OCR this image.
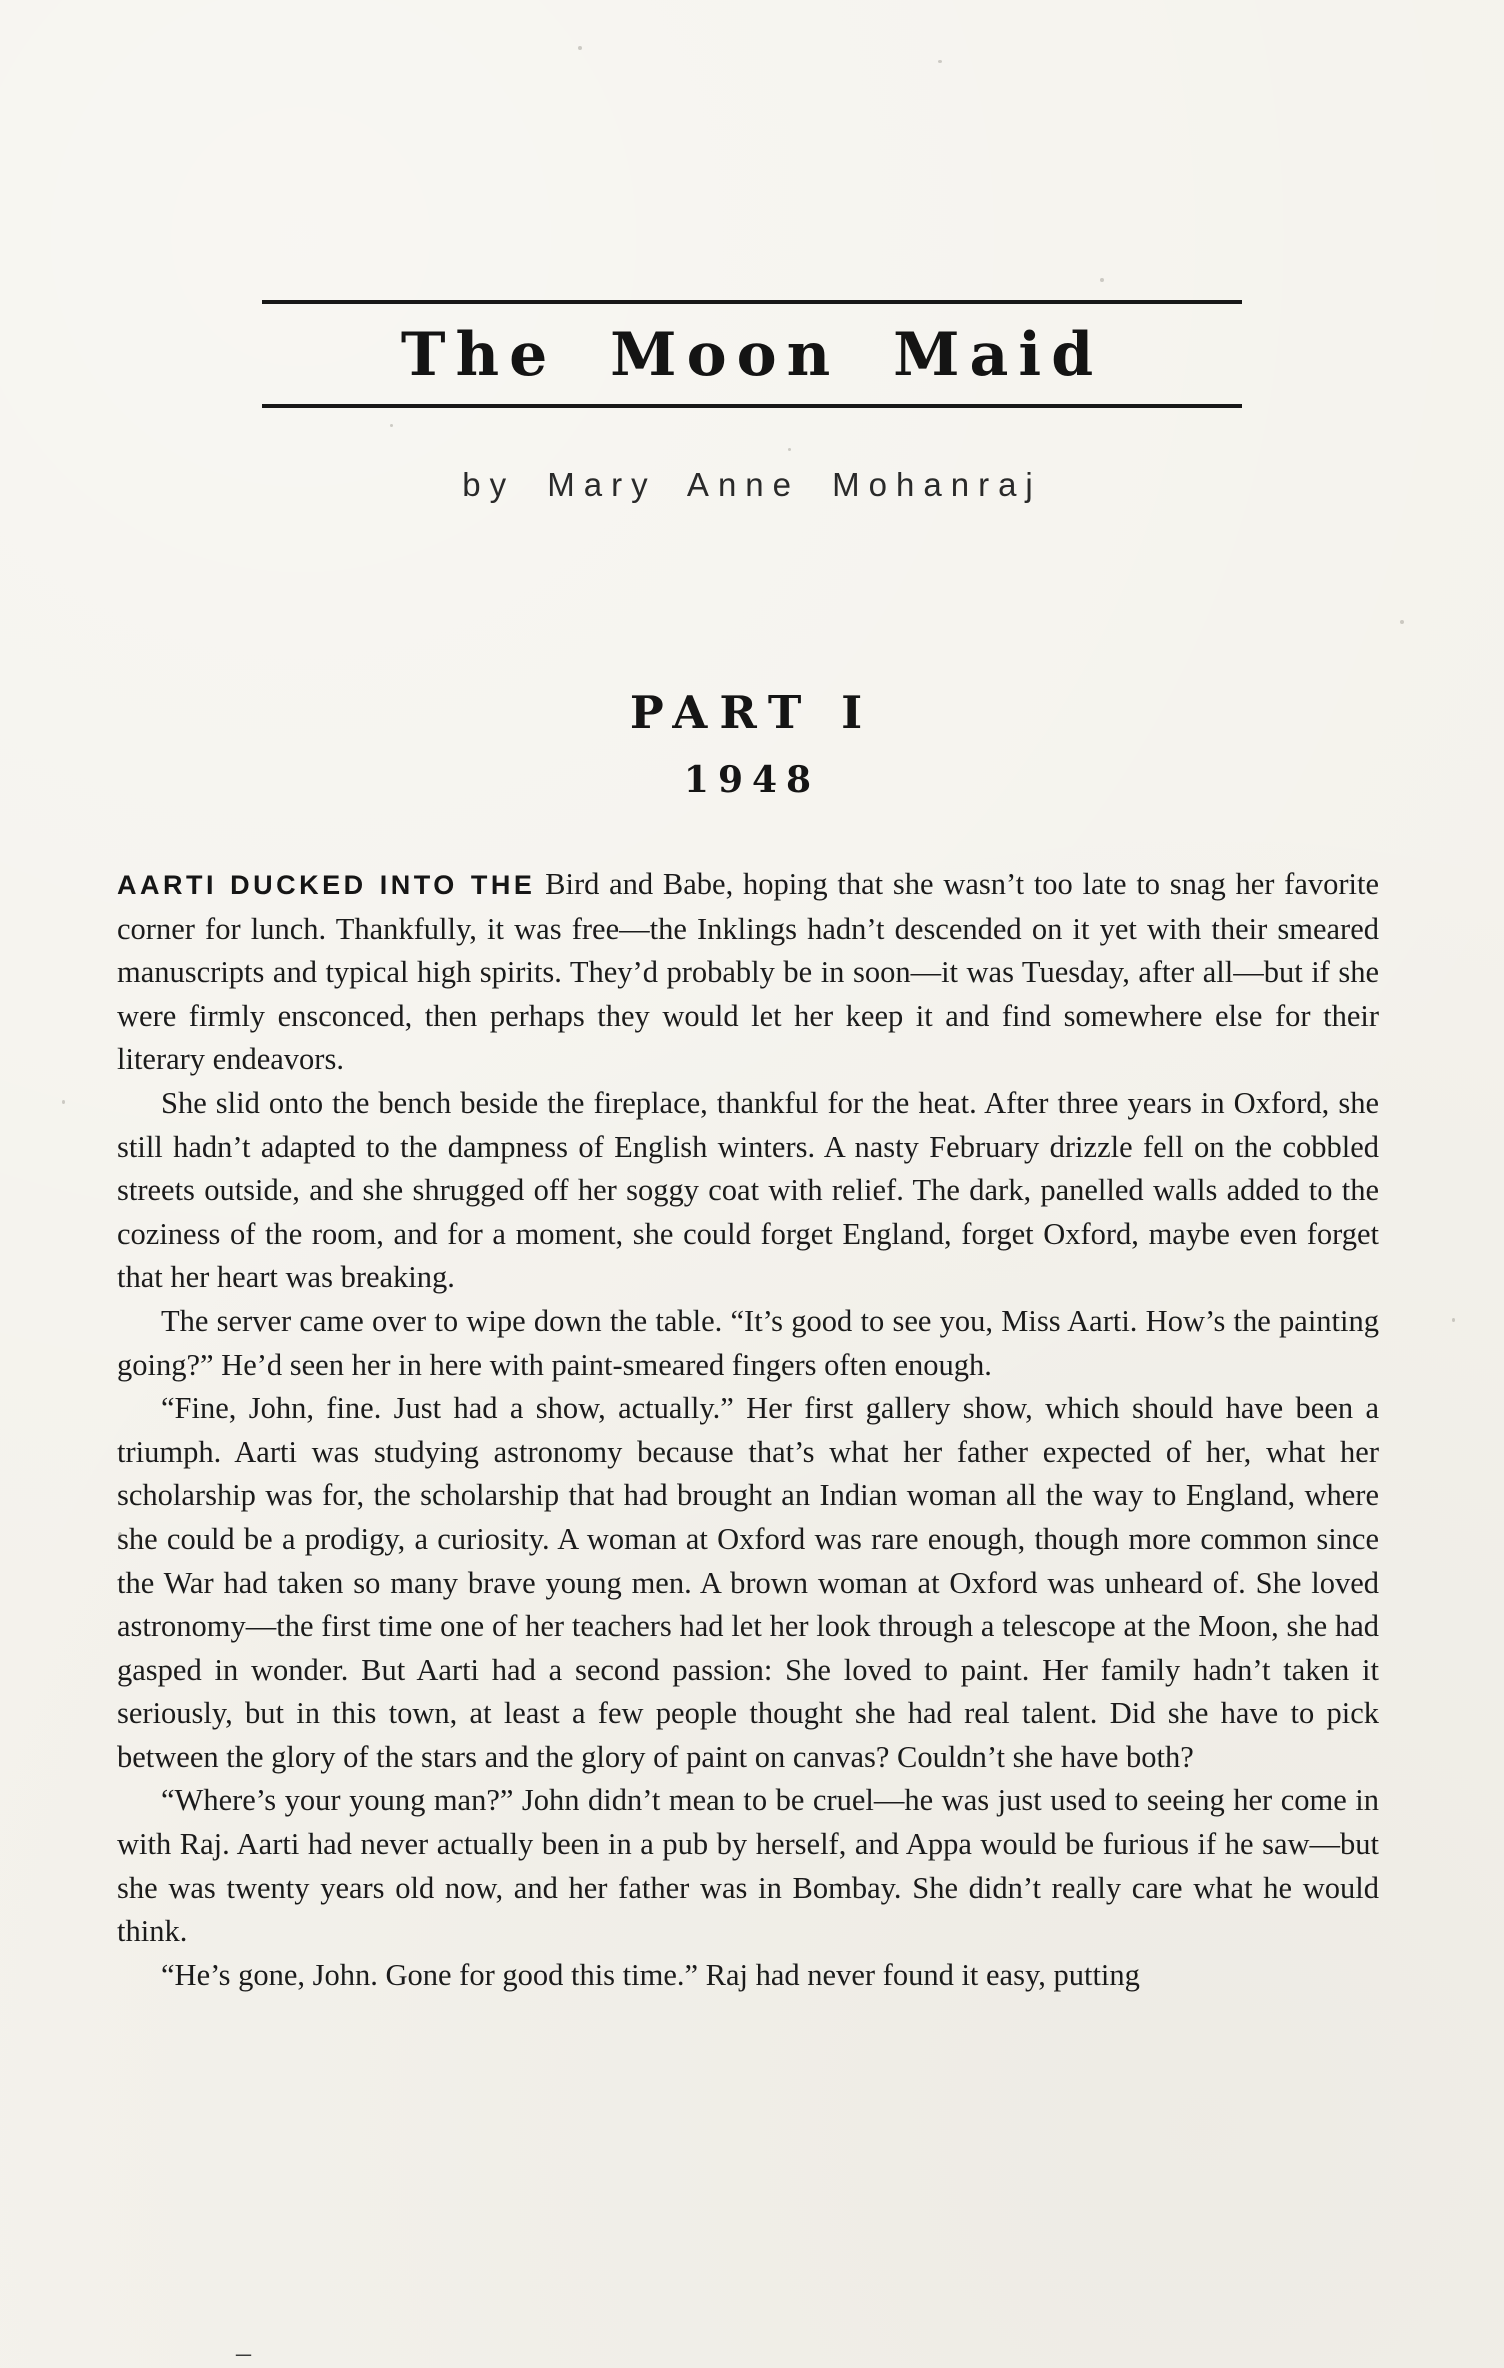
The Moon Maid
by Mary Anne Mohanraj
PART I
1948

AARTI DUCKED INTO THE Bird and Babe, hoping that she wasn’t too late to snag her favorite corner for lunch. Thankfully, it was free—the Inklings hadn’t descended on it yet with their smeared manuscripts and typical high spirits. They’d probably be in soon—it was Tuesday, after all—but if she were firmly ensconced, then perhaps they would let her keep it and find somewhere else for their literary endeavors.

She slid onto the bench beside the fireplace, thankful for the heat. After three years in Oxford, she still hadn’t adapted to the dampness of English winters. A nasty February drizzle fell on the cobbled streets outside, and she shrugged off her soggy coat with relief. The dark, panelled walls added to the coziness of the room, and for a moment, she could forget England, forget Oxford, maybe even forget that her heart was breaking.

The server came over to wipe down the table. “It’s good to see you, Miss Aarti. How’s the painting going?” He’d seen her in here with paint-smeared fingers often enough.

“Fine, John, fine. Just had a show, actually.” Her first gallery show, which should have been a triumph. Aarti was studying astronomy because that’s what her father expected of her, what her scholarship was for, the scholarship that had brought an Indian woman all the way to England, where she could be a prodigy, a curiosity. A woman at Oxford was rare enough, though more common since the War had taken so many brave young men. A brown woman at Oxford was unheard of. She loved astronomy—the first time one of her teachers had let her look through a telescope at the Moon, she had gasped in wonder. But Aarti had a second passion: She loved to paint. Her family hadn’t taken it seriously, but in this town, at least a few people thought she had real talent. Did she have to pick between the glory of the stars and the glory of paint on canvas? Couldn’t she have both?

“Where’s your young man?” John didn’t mean to be cruel—he was just used to seeing her come in with Raj. Aarti had never actually been in a pub by herself, and Appa would be furious if he saw—but she was twenty years old now, and her father was in Bombay. She didn’t really care what he would think.

“He’s gone, John. Gone for good this time.” Raj had never found it easy, putting

–
